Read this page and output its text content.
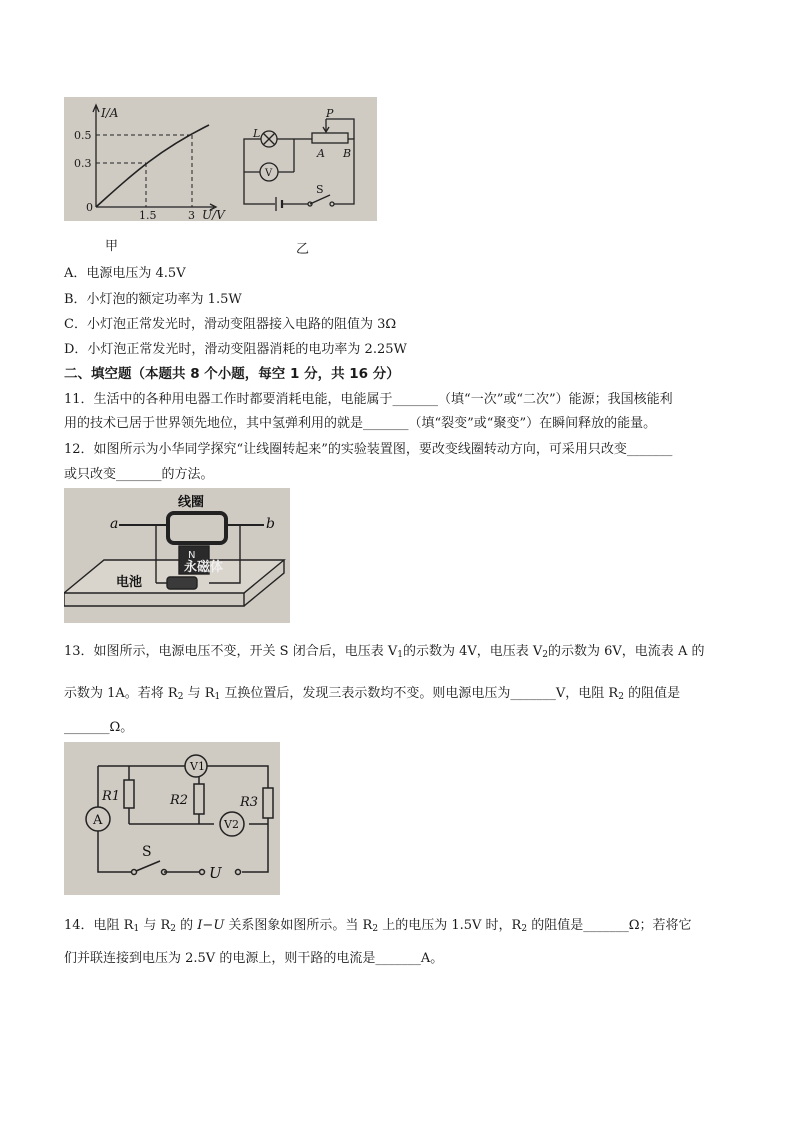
I/A
U/V
0.5
0.3
1.5	3
0
L
V
P
A B
S
甲	乙
A．电源电压为 4.5V
B．小灯泡的额定功率为 1.5W
C．小灯泡正常发光时，滑动变阻器接入电路的阻值为 3Ω
D．小灯泡正常发光时，滑动变阻器消耗的电功率为 2.25W
二、填空题（本题共 8 个小题，每空 1 分，共 16 分）
11．生活中的各种用电器工作时都要消耗电能，电能属于_______（填“一次”或“二次”）能源；我国核能利
用的技术已居于世界领先地位，其中氢弹利用的就是_______（填“裂变”或“聚变”）在瞬间释放的能量。
12．如图所示为小华同学探究“让线圈转起来”的实验装置图，要改变线圈转动方向，可采用只改变_______
或只改变_______的方法。
线圈
a	b
N
永磁体
电池
13．如图所示，电源电压不变，开关 S 闭合后，电压表 $V_1$的示数为 4V，电压表 $V_2$的示数为 6V，电流表 A 的
示数为 1A。若将 $R_2$ 与 $R_1$ 互换位置后，发现三表示数均不变。则电源电压为_______V，电阻 $R_2$ 的阻值是
_______Ω。
V1
V2
A
R1	R2	R3
S
U
14．电阻 $R_1$ 与 $R_2$ 的 I−U 关系图象如图所示。当 $R_2$ 上的电压为 1.5V 时，$R_2$ 的阻值是_______Ω；若将它
们并联连接到电压为 2.5V 的电源上，则干路的电流是_______A。
